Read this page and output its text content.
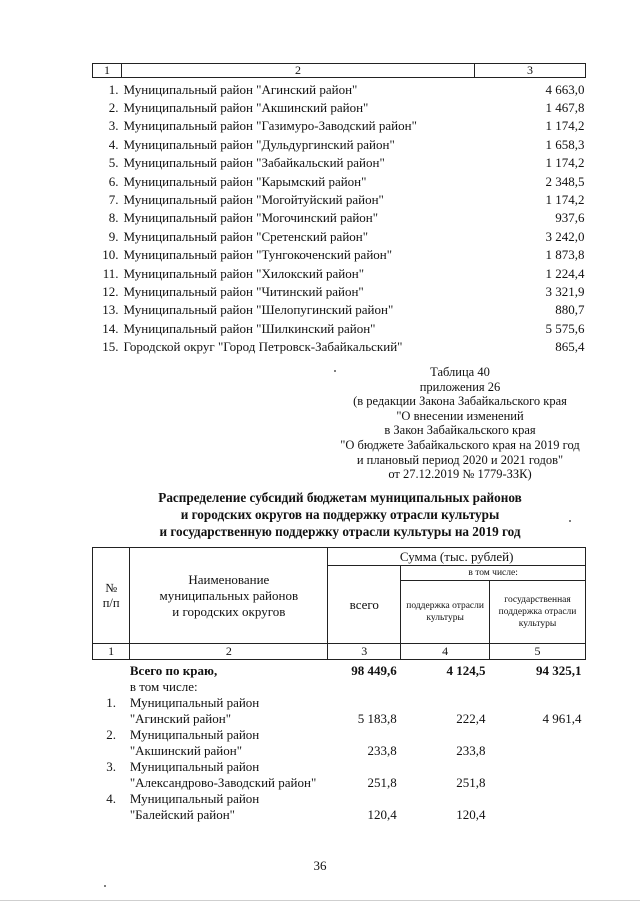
1	2	3

1.	Муниципальный район "Агинский район"	4 663,0
2.	Муниципальный район "Акшинский район"	1 467,8
3.	Муниципальный район "Газимуро-Заводский район"	1 174,2
4.	Муниципальный район "Дульдургинский район"	1 658,3
5.	Муниципальный район "Забайкальский район"	1 174,2
6.	Муниципальный район "Карымский район"	2 348,5
7.	Муниципальный район "Могойтуйский район"	1 174,2
8.	Муниципальный район "Могочинский район"	937,6
9.	Муниципальный район "Сретенский район"	3 242,0
10.	Муниципальный район "Тунгокоченский район"	1 873,8
11.	Муниципальный район "Хилокский район"	1 224,4
12.	Муниципальный район "Читинский район"	3 321,9
13.	Муниципальный район "Шелопугинский район"	880,7
14.	Муниципальный район "Шилкинский район"	5 575,6
15.	Городской округ "Город Петровск-Забайкальский"	865,4
Таблица 40
приложения 26
(в редакции Закона Забайкальского края
"О внесении изменений
в Закон Забайкальского края
"О бюджете Забайкальского края на 2019 год
и плановый период 2020 и 2021 годов"
от 27.12.2019 № 1779-ЗЗК)
Распределение субсидий бюджетам муниципальных районов
и городских округов на поддержку отрасли культуры
и государственную поддержку отрасли культуры на 2019 год
№ п/п	Наименование муниципальных районов и городских округов	Сумма (тыс. рублей)		
		всего	в том числе:	
			поддержка отрасли культуры	государственная поддержка отрасли культуры
1	2	3	4	5

	Всего по краю,
в том числе:	98 449,6	4 124,5	94 325,1
1.	Муниципальный район
"Агинский район"	5 183,8	222,4	4 961,4
2.	Муниципальный район
"Акшинский район"	233,8	233,8	
3.	Муниципальный район
"Александрово-Заводский район"	251,8	251,8	
4.	Муниципальный район
"Балейский район"	120,4	120,4	
36
